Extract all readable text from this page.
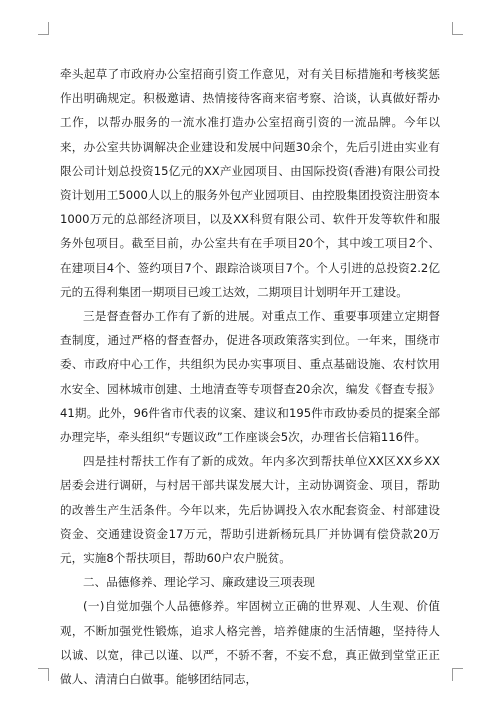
牵头起草了市政府办公室招商引资工作意见，对有关目标措施和考核奖惩作出明确规定。积极邀请、热情接待客商来宿考察、洽谈，认真做好帮办工作，以帮办服务的一流水准打造办公室招商引资的一流品牌。今年以来，办公室共协调解决企业建设和发展中问题30余个，先后引进由实业有限公司计划总投资15亿元的XX产业园项目、由国际投资(香港)有限公司投资计划用工5000人以上的服务外包产业园项目、由控股集团投资注册资本1000万元的总部经济项目，以及XX科贸有限公司、软件开发等软件和服务外包项目。截至目前，办公室共有在手项目20个，其中竣工项目2个、在建项目4个、签约项目7个、跟踪洽谈项目7个。个人引进的总投资2.2亿元的五得利集团一期项目已竣工达效，二期项目计划明年开工建设。

三是督查督办工作有了新的进展。对重点工作、重要事项建立定期督查制度，通过严格的督查督办，促进各项政策落实到位。一年来，围绕市委、市政府中心工作，共组织为民办实事项目、重点基础设施、农村饮用水安全、园林城市创建、土地清查等专项督查20余次，编发《督查专报》41期。此外，96件省市代表的议案、建议和195件市政协委员的提案全部办理完毕，牵头组织“专题议政”工作座谈会5次，办理省长信箱116件。

四是挂村帮扶工作有了新的成效。年内多次到帮扶单位XX区XX乡XX居委会进行调研，与村居干部共谋发展大计，主动协调资金、项目，帮助的改善生产生活条件。今年以来，先后协调投入农水配套资金、村部建设资金、交通建设资金17万元，帮助引进新杨玩具厂并协调有偿贷款20万元，实施8个帮扶项目，帮助60户农户脱贫。

二、品德修养、理论学习、廉政建设三项表现

(一)自觉加强个人品德修养。牢固树立正确的世界观、人生观、价值观，不断加强党性锻炼，追求人格完善，培养健康的生活情趣，坚持待人以诚、以宽，律己以谨、以严，不骄不奢，不妄不怠，真正做到堂堂正正做人、清清白白做事。能够团结同志，
